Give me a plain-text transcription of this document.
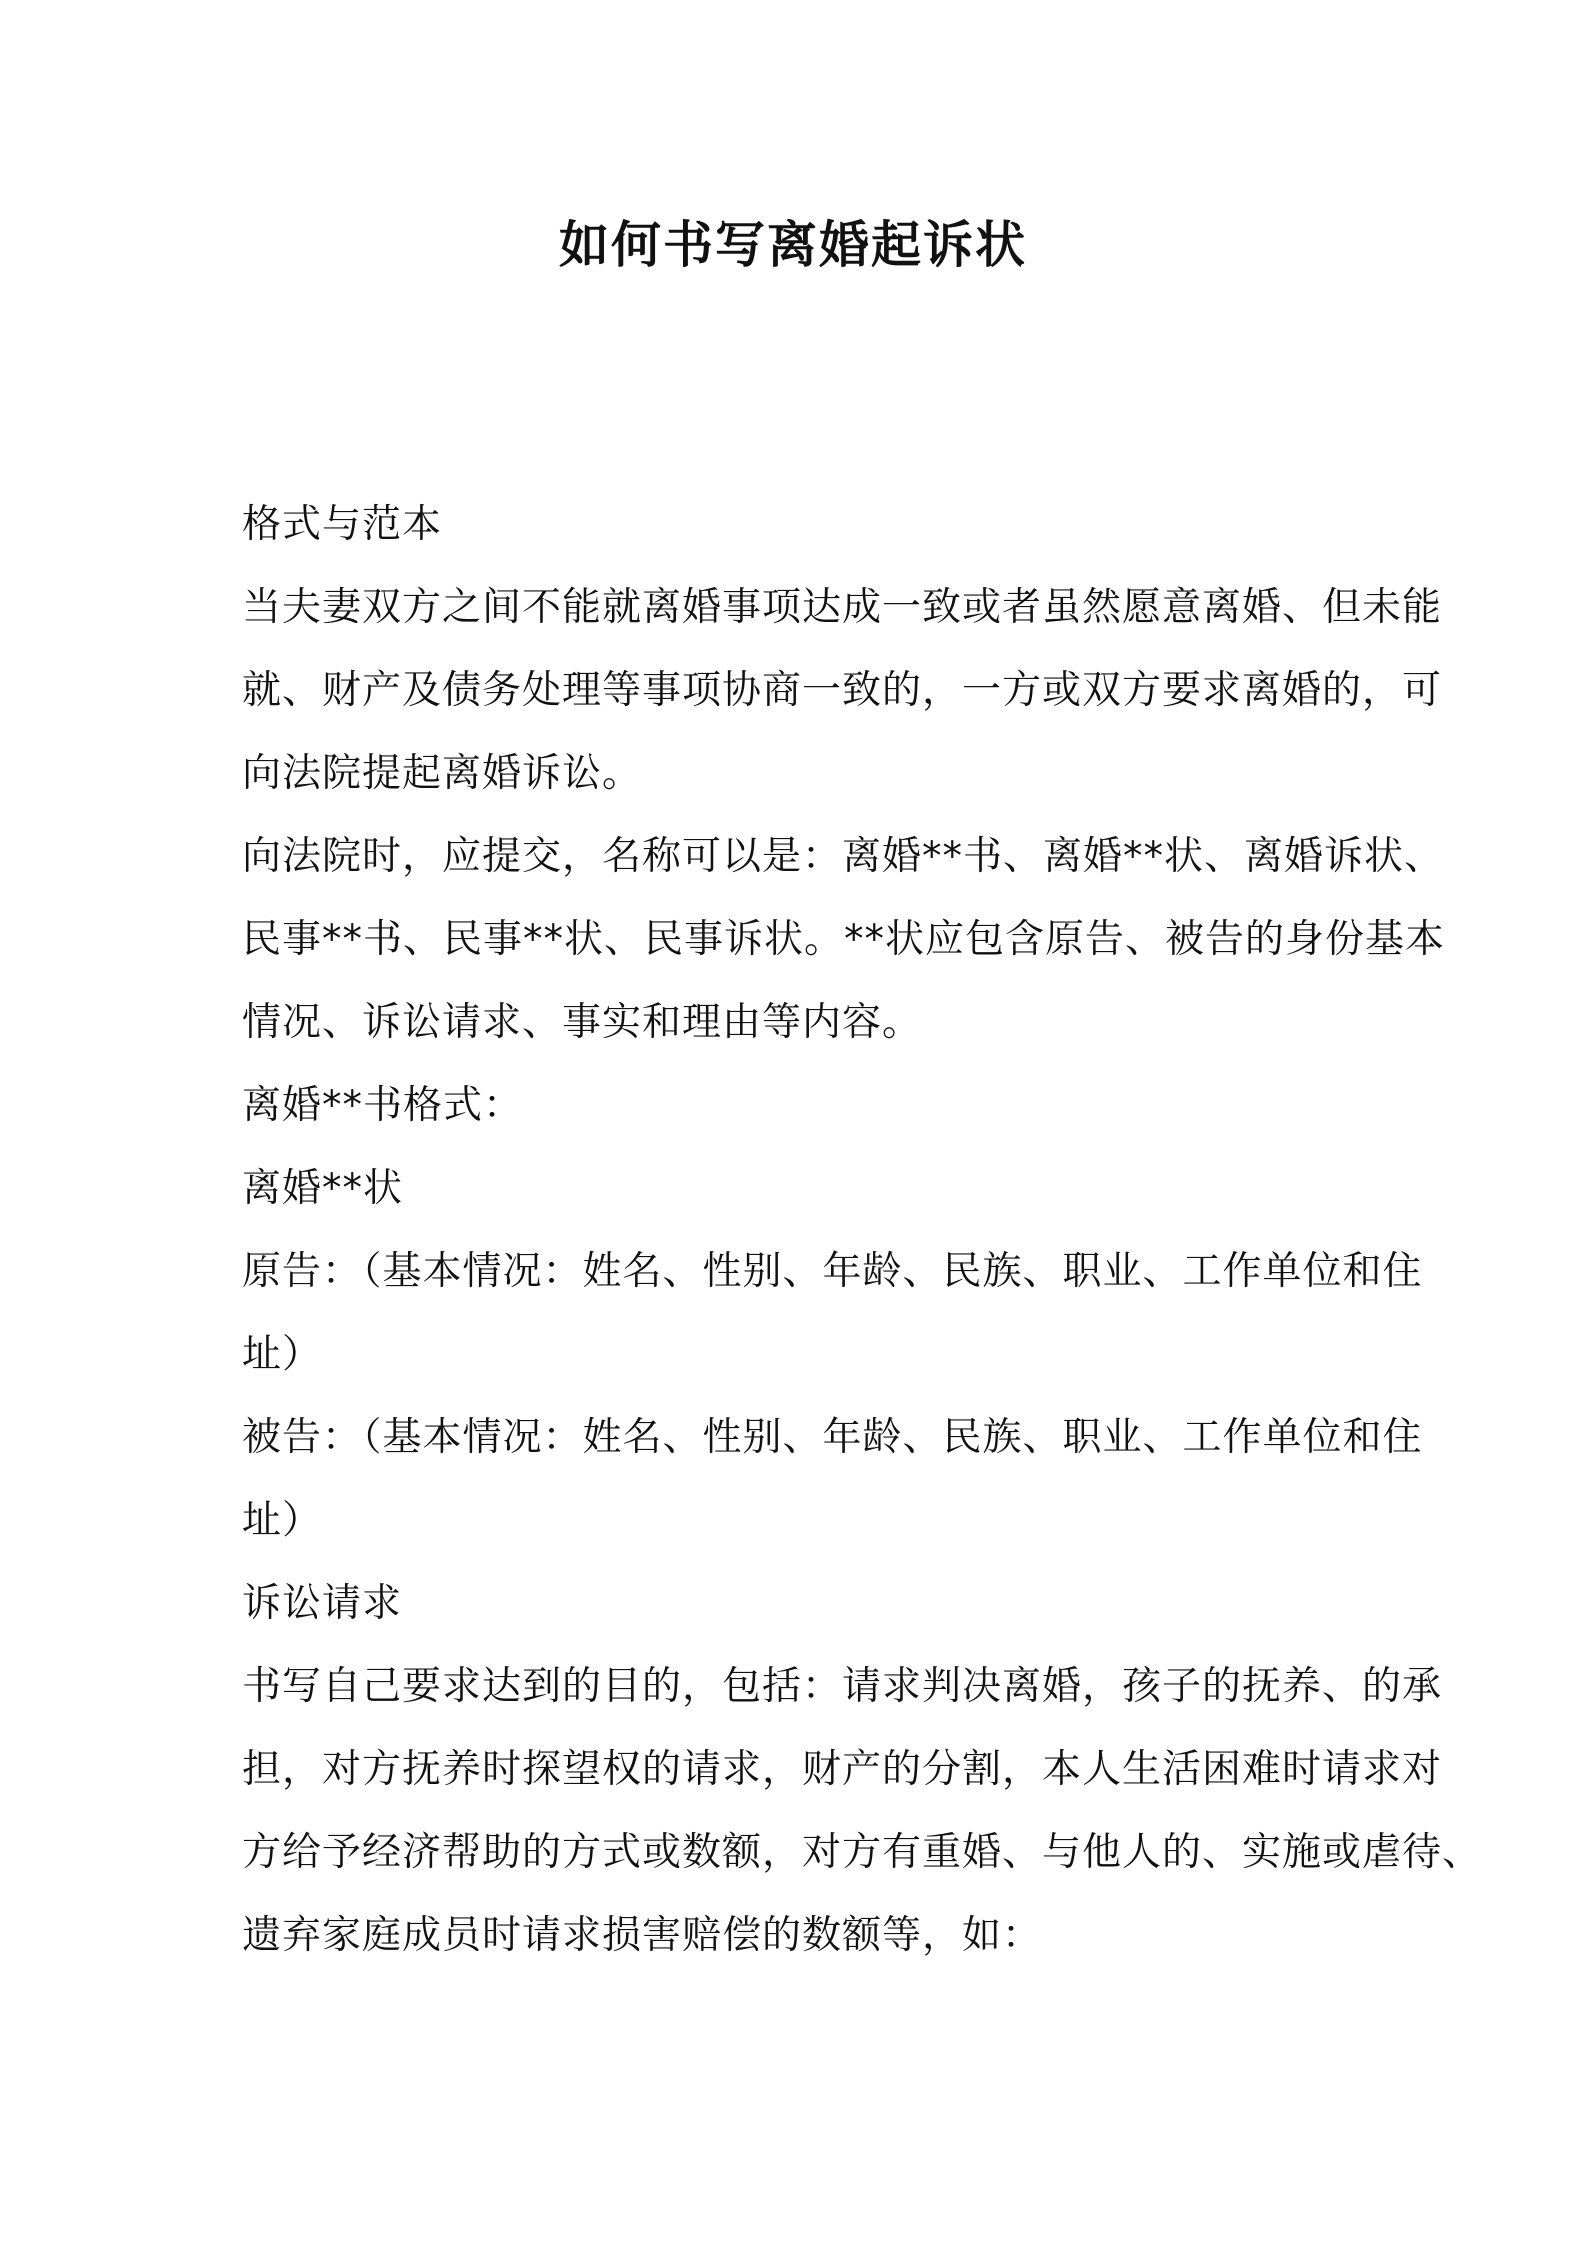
如何书写离婚起诉状
格式与范本
当夫妻双方之间不能就离婚事项达成一致或者虽然愿意离婚、但未能
就、财产及债务处理等事项协商一致的，一方或双方要求离婚的，可
向法院提起离婚诉讼。
向法院时，应提交，名称可以是：离婚**书、离婚**状、离婚诉状、
民事**书、民事**状、民事诉状。**状应包含原告、被告的身份基本
情况、诉讼请求、事实和理由等内容。
离婚**书格式：
离婚**状
原告：（基本情况：姓名、性别、年龄、民族、职业、工作单位和住
址）
被告：（基本情况：姓名、性别、年龄、民族、职业、工作单位和住
址）
诉讼请求
书写自己要求达到的目的，包括：请求判决离婚，孩子的抚养、的承
担，对方抚养时探望权的请求，财产的分割，本人生活困难时请求对
方给予经济帮助的方式或数额，对方有重婚、与他人的、实施或虐待、
遗弃家庭成员时请求损害赔偿的数额等，如：
